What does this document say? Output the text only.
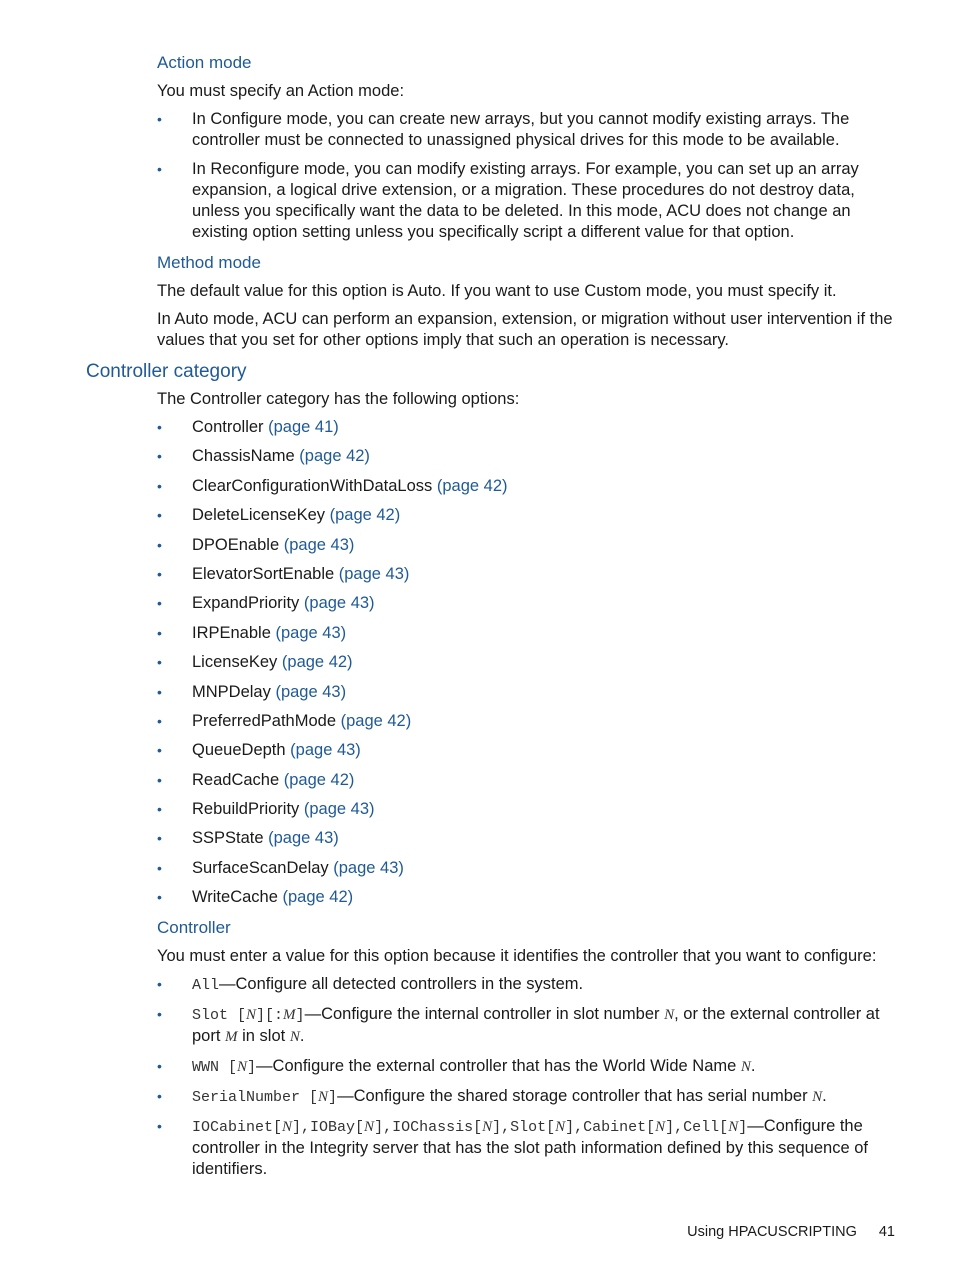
Action mode

You must specify an Action mode:

• In Configure mode, you can create new arrays, but you cannot modify existing arrays. The controller must be connected to unassigned physical drives for this mode to be available.
• In Reconfigure mode, you can modify existing arrays. For example, you can set up an array expansion, a logical drive extension, or a migration. These procedures do not destroy data, unless you specifically want the data to be deleted. In this mode, ACU does not change an existing option setting unless you specifically script a different value for that option.
Method mode

The default value for this option is Auto. If you want to use Custom mode, you must specify it.

In Auto mode, ACU can perform an expansion, extension, or migration without user intervention if the values that you set for other options imply that such an operation is necessary.

Controller category

The Controller category has the following options:

• Controller (page 41)
• ChassisName (page 42)
• ClearConfigurationWithDataLoss (page 42)
• DeleteLicenseKey (page 42)
• DPOEnable (page 43)
• ElevatorSortEnable (page 43)
• ExpandPriority (page 43)
• IRPEnable (page 43)
• LicenseKey (page 42)
• MNPDelay (page 43)
• PreferredPathMode (page 42)
• QueueDepth (page 43)
• ReadCache (page 42)
• RebuildPriority (page 43)
• SSPState (page 43)
• SurfaceScanDelay (page 43)
• WriteCache (page 42)
Controller

You must enter a value for this option because it identifies the controller that you want to configure:

• All—Configure all detected controllers in the system.
• Slot [N][:M]—Configure the internal controller in slot number N, or the external controller at port M in slot N.
• WWN [N]—Configure the external controller that has the World Wide Name N.
• SerialNumber [N]—Configure the shared storage controller that has serial number N.
• IOCabinet[N],IOBay[N],IOChassis[N],Slot[N],Cabinet[N],Cell[N]—Configure the controller in the Integrity server that has the slot path information defined by this sequence of identifiers.
Using HPACUSCRIPTING 41
